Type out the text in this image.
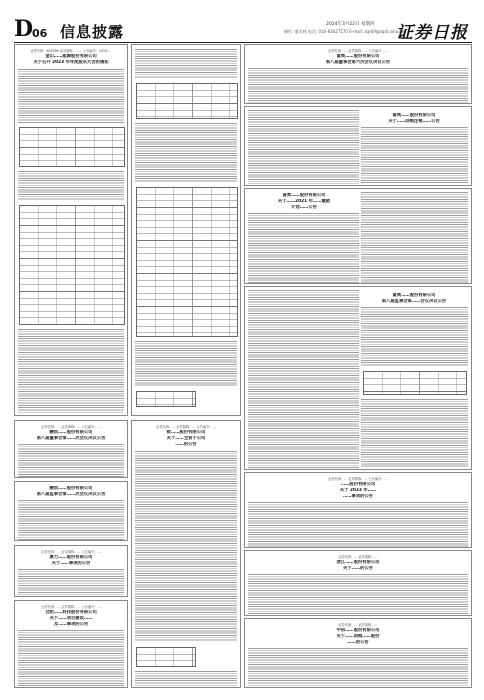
D 06 信息披露	2024年3月22日 星期四
制作: 董幸林 电话: 010-83027170 E-mail: zqrb9@zqrb.sina.net
证券日报
证券代码：600396 证券简称：…… 公告编号：2024-…
金山……能源股份有限公司
关于召开 2023 年年度股东大会的通知
证券代码：… 证券简称：… 公告编号：…
融创……股份有限公司
第八届董事会第……次会议决议公告
融创……股份有限公司
第八届监事会第……次会议决议公告
证券代码：… 证券简称：… 公告编号：…
康力……股份有限公司
关于……事项的公告
证券代码：… 证券简称：… 公告编号：…
合肥……科技股份有限公司
关于……项目建设……
及……事项的公告
证券代码：… 证券简称：… 公告编号：…
数……股份有限公司
关于……全资子公司
……的公告
证券代码：… 证券简称：… 公告编号：…
富奥……股份有限公司
第八届董事会第六次会议决议公告
富奥……股份有限公司
关于……回购注销……公告
富奥……股份有限公司
关于……2021 年……激励
计划……公告
富奥……股份有限公司
第八届监事会第……会议决议公告
证券代码：… 证券简称：… 公告编号：…
……股份有限公司
关于 2023 年……
……事项的公告
证券代码：… 证券简称：…
浙江……股份有限公司
关于……的公告
证券代码：… 证券简称：…
中信……股份有限公司
关于……回购……股份
……的公告
